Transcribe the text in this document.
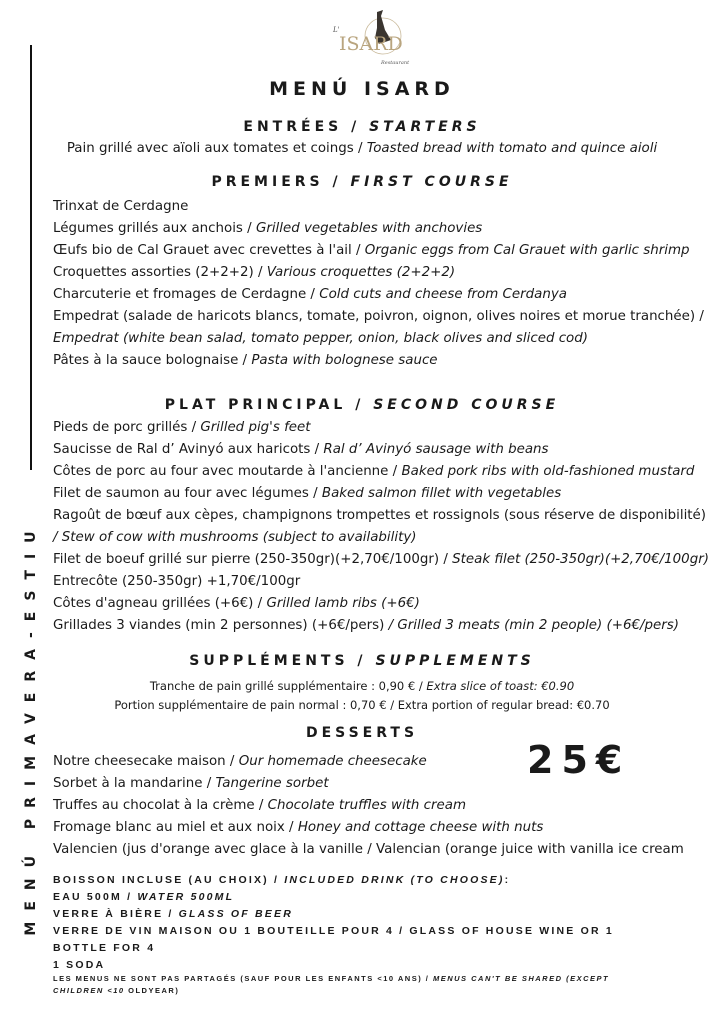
MENÚ PRIMAVERA-ESTIU
L'
ISARD
Restaurant
MENÚ ISARD
ENTRÉES / STARTERS
Pain grillé avec aïoli aux tomates et coings / Toasted bread with tomato and quince aioli
PREMIERS / FIRST COURSE
Trinxat de Cerdagne
Légumes grillés aux anchois / Grilled vegetables with anchovies
Œufs bio de Cal Grauet avec crevettes à l'ail / Organic eggs from Cal Grauet with garlic shrimp
Croquettes assorties (2+2+2) / Various croquettes (2+2+2)
Charcuterie et fromages de Cerdagne / Cold cuts and cheese from Cerdanya
Empedrat (salade de haricots blancs, tomate, poivron, oignon, olives noires et morue tranchée) /
Empedrat (white bean salad, tomato pepper, onion, black olives and sliced cod)
Pâtes à la sauce bolognaise / Pasta with bolognese sauce
PLAT PRINCIPAL / SECOND COURSE
Pieds de porc grillés / Grilled pig's feet
Saucisse de Ral d’ Avinyó aux haricots / Ral d’ Avinyó sausage with beans
Côtes de porc au four avec moutarde à l'ancienne / Baked pork ribs with old-fashioned mustard
Filet de saumon au four avec légumes / Baked salmon fillet with vegetables
Ragoût de bœuf aux cèpes, champignons trompettes et rossignols (sous réserve de disponibilité)
/ Stew of cow with mushrooms (subject to availability)
Filet de boeuf grillé sur pierre (250-350gr)(+2,70€/100gr) / Steak filet (250-350gr)(+2,70€/100gr)
Entrecôte (250-350gr) +1,70€/100gr
Côtes d'agneau grillées (+6€) / Grilled lamb ribs (+6€)
Grillades 3 viandes (min 2 personnes) (+6€/pers) / Grilled 3 meats (min 2 people) (+6€/pers)
SUPPLÉMENTS / SUPPLEMENTS
Tranche de pain grillé supplémentaire : 0,90 € / Extra slice of toast: €0.90
Portion supplémentaire de pain normal : 0,70 € / Extra portion of regular bread: €0.70
DESSERTS
Notre cheesecake maison / Our homemade cheesecake
Sorbet à la mandarine / Tangerine sorbet
Truffes au chocolat à la crème / Chocolate truffles with cream
Fromage blanc au miel et aux noix / Honey and cottage cheese with nuts
Valencien (jus d'orange avec glace à la vanille / Valencian (orange juice with vanilla ice cream
25€
BOISSON INCLUSE (AU CHOIX) / INCLUDED DRINK (TO CHOOSE):
EAU 500M / WATER 500ML
VERRE À BIÈRE / GLASS OF BEER
VERRE DE VIN MAISON OU 1 BOUTEILLE POUR 4 / GLASS OF HOUSE WINE OR 1
BOTTLE FOR 4
1 SODA
LES MENUS NE SONT PAS PARTAGÉS (SAUF POUR LES ENFANTS <10 ANS) / MENUS CAN'T BE SHARED (EXCEPT CHILDREN <10 OLDYEAR)
